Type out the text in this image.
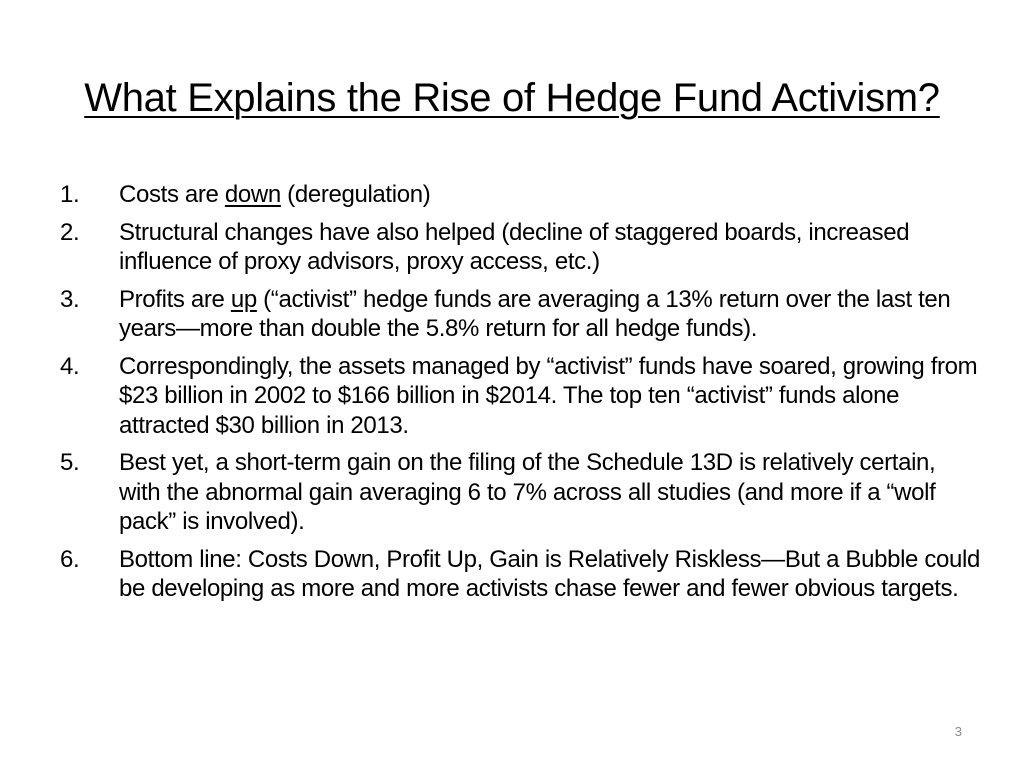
What Explains the Rise of Hedge Fund Activism?
1.	Costs are down (deregulation)
2.	Structural changes have also helped (decline of staggered boards, increased influence of proxy advisors, proxy access, etc.)
3.	Profits are up (“activist” hedge funds are averaging a 13% return over the last ten years—more than double the 5.8% return for all hedge funds).
4.	Correspondingly, the assets managed by “activist” funds have soared, growing from $23 billion in 2002 to $166 billion in $2014. The top ten “activist” funds alone attracted $30 billion in 2013.
5.	Best yet, a short-term gain on the filing of the Schedule 13D is relatively certain, with the abnormal gain averaging 6 to 7% across all studies (and more if a “wolf pack” is involved).
6.	Bottom line: Costs Down, Profit Up, Gain is Relatively Riskless—But a Bubble could be developing as more and more activists chase fewer and fewer obvious targets.
3
